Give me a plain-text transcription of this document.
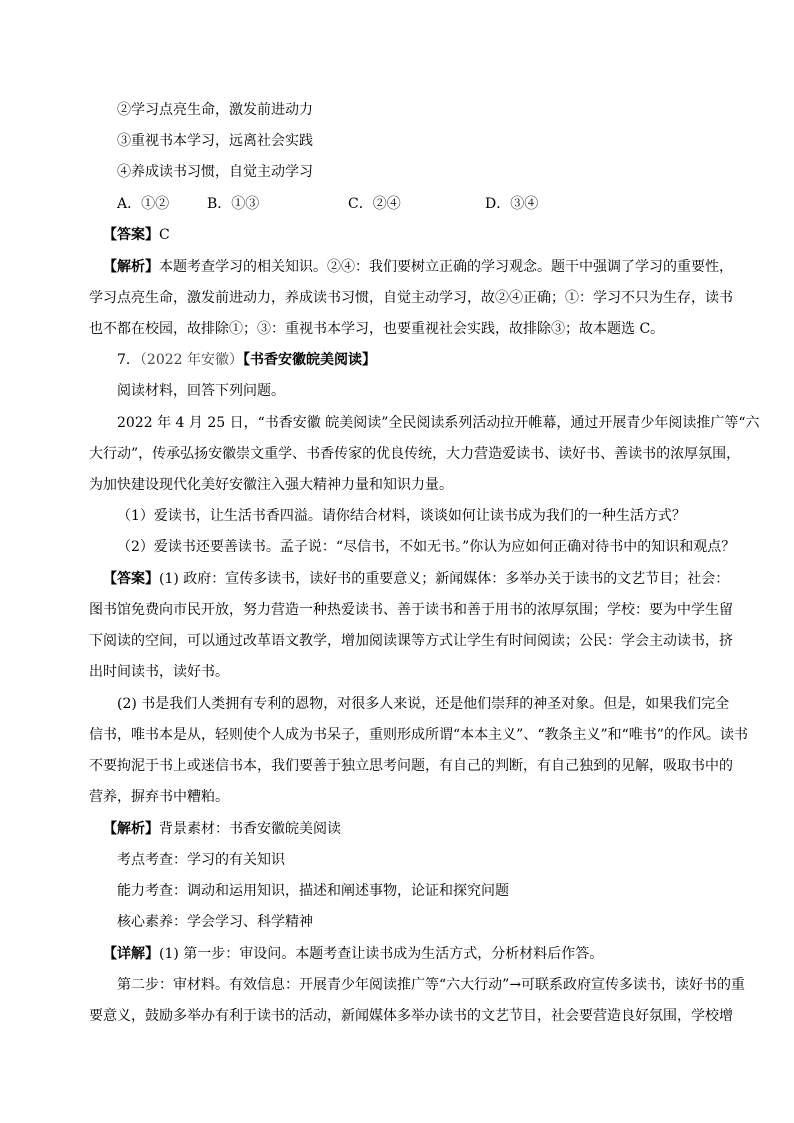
②学习点亮生命，激发前进动力
③重视书本学习，远离社会实践
④养成读书习惯，自觉主动学习
A．①②	B．①③	C．②④	D．③④
【答案】C
【解析】本题考查学习的相关知识。②④：我们要树立正确的学习观念。题干中强调了学习的重要性，
学习点亮生命，激发前进动力，养成读书习惯，自觉主动学习，故②④正确；①：学习不只为生存，读书
也不都在校园，故排除①；③：重视书本学习，也要重视社会实践，故排除③；故本题选 C。
7．（2022 年安徽）【书香安徽皖美阅读】
阅读材料，回答下列问题。
2022 年 4 月 25 日，“书香安徽 皖美阅读”全民阅读系列活动拉开帷幕，通过开展青少年阅读推广等“六
大行动”，传承弘扬安徽崇文重学、书香传家的优良传统，大力营造爱读书、读好书、善读书的浓厚氛围，
为加快建设现代化美好安徽注入强大精神力量和知识力量。
（1）爱读书，让生活书香四溢。请你结合材料，谈谈如何让读书成为我们的一种生活方式？
（2）爱读书还要善读书。孟子说：“尽信书，不如无书。”你认为应如何正确对待书中的知识和观点？
【答案】(1) 政府：宣传多读书，读好书的重要意义；新闻媒体：多举办关于读书的文艺节目；社会：
图书馆免费向市民开放，努力营造一种热爱读书、善于读书和善于用书的浓厚氛围；学校：要为中学生留
下阅读的空间，可以通过改革语文教学，增加阅读课等方式让学生有时间阅读；公民：学会主动读书，挤
出时间读书，读好书。
(2) 书是我们人类拥有专利的恩物，对很多人来说，还是他们崇拜的神圣对象。但是，如果我们完全
信书，唯书本是从，轻则使个人成为书呆子，重则形成所谓“本本主义”、“教条主义”和“唯书”的作风。读书
不要拘泥于书上或迷信书本，我们要善于独立思考问题，有自己的判断，有自己独到的见解，吸取书中的
营养，摒弃书中糟粕。
【解析】背景素材：书香安徽皖美阅读
考点考查：学习的有关知识
能力考查：调动和运用知识，描述和阐述事物，论证和探究问题
核心素养：学会学习、科学精神
【详解】(1) 第一步：审设问。本题考查让读书成为生活方式，分析材料后作答。
第二步：审材料。有效信息：开展青少年阅读推广等“六大行动”→可联系政府宣传多读书，读好书的重
要意义，鼓励多举办有利于读书的活动，新闻媒体多举办读书的文艺节目，社会要营造良好氛围，学校增
